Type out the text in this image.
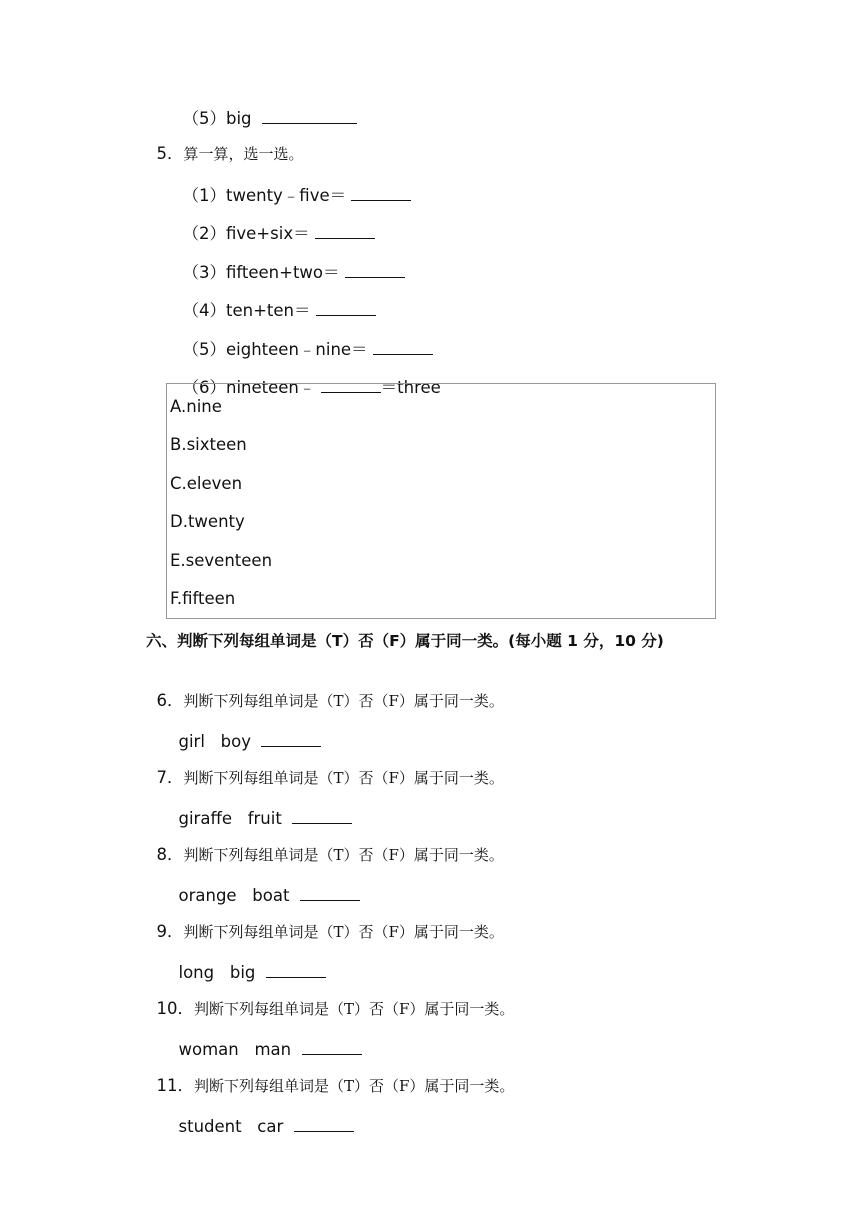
（5）big

5．算一算，选一选。

（1）twenty﹣five＝

（2）five+six＝

（3）fifteen+two＝

（4）ten+ten＝

（5）eighteen﹣nine＝

（6）nineteen﹣	＝three

A.nine
B.sixteen
C.eleven
D.twenty
E.seventeen
F.fifteen
六、判断下列每组单词是（T）否（F）属于同一类。(每小题 1 分，10 分)

6．判断下列每组单词是（T）否（F）属于同一类。

girl   boy

7．判断下列每组单词是（T）否（F）属于同一类。

giraffe   fruit

8．判断下列每组单词是（T）否（F）属于同一类。

orange   boat

9．判断下列每组单词是（T）否（F）属于同一类。

long   big

10．判断下列每组单词是（T）否（F）属于同一类。

woman   man

11．判断下列每组单词是（T）否（F）属于同一类。

student   car
